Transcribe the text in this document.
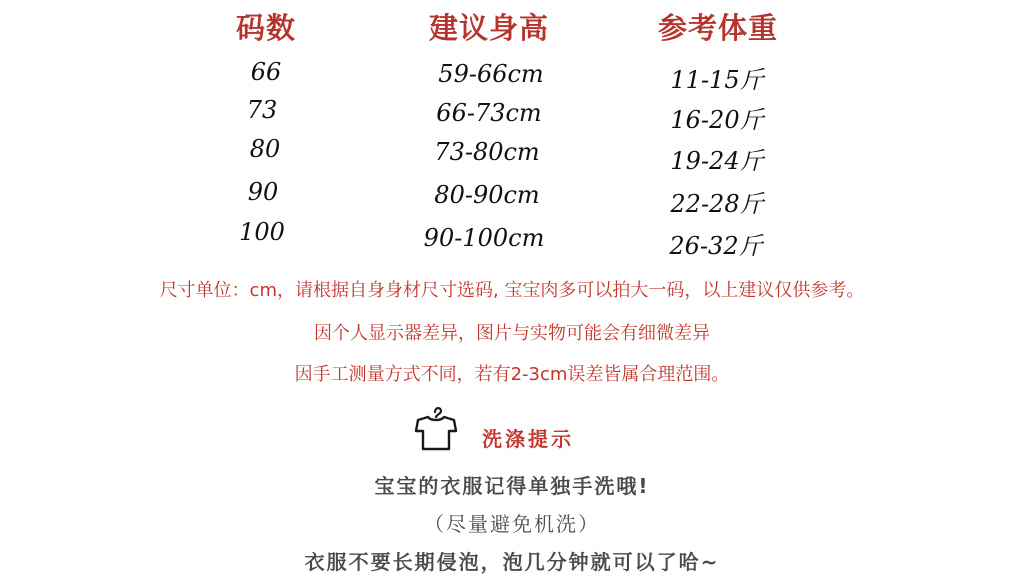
码数	建议身高	参考体重
66	59-66cm	11-15斤
73	66-73cm	16-20斤
80	73-80cm	19-24斤
90	80-90cm	22-28斤
100	90-100cm	26-32斤
尺寸单位：cm，请根据自身身材尺寸选码, 宝宝肉多可以拍大一码，以上建议仅供参考。
因个人显示器差异，图片与实物可能会有细微差异
因手工测量方式不同，若有2-3cm误差皆属合理范围。
洗涤提示
宝宝的衣服记得单独手洗哦!
（尽量避免机洗）
衣服不要长期侵泡，泡几分钟就可以了哈~
